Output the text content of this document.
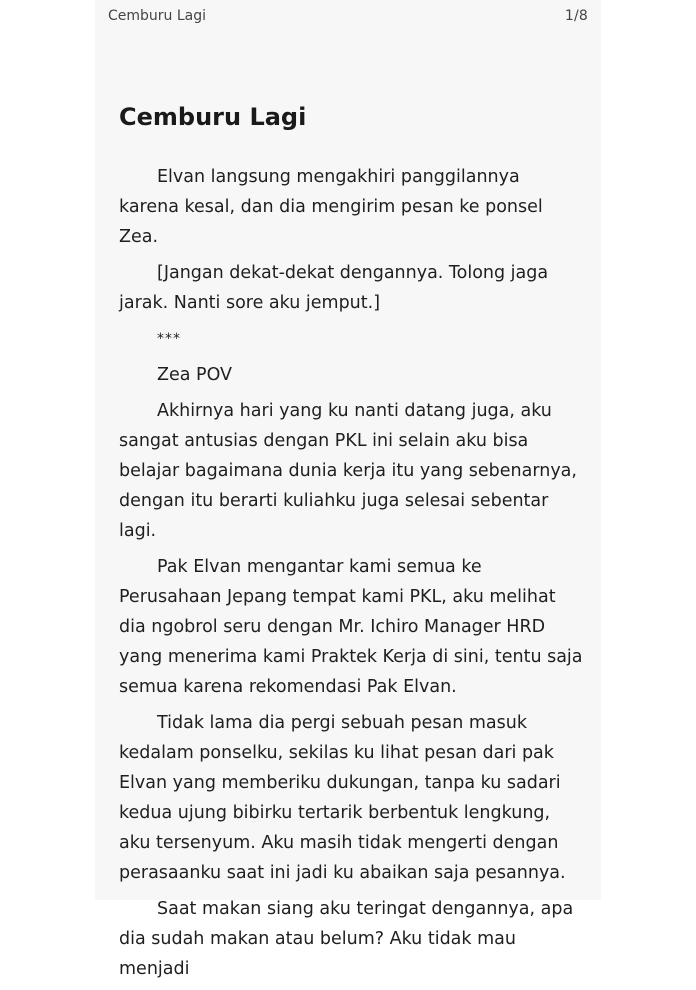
Cemburu Lagi	1/8
Cemburu Lagi

Elvan langsung mengakhiri panggilannya karena kesal, dan dia mengirim pesan ke ponsel Zea.

[Jangan dekat-dekat dengannya. Tolong jaga jarak. Nanti sore aku jemput.]

***

Zea POV

Akhirnya hari yang ku nanti datang juga, aku sangat antusias dengan PKL ini selain aku bisa belajar bagaimana dunia kerja itu yang sebenarnya, dengan itu berarti kuliahku juga selesai sebentar lagi.

Pak Elvan mengantar kami semua ke Perusahaan Jepang tempat kami PKL, aku melihat dia ngobrol seru dengan Mr. Ichiro Manager HRD yang menerima kami Praktek Kerja di sini, tentu saja semua karena rekomendasi Pak Elvan.

Tidak lama dia pergi sebuah pesan masuk kedalam ponselku, sekilas ku lihat pesan dari pak Elvan yang memberiku dukungan, tanpa ku sadari kedua ujung bibirku tertarik berbentuk lengkung, aku tersenyum. Aku masih tidak mengerti dengan perasaanku saat ini jadi ku abaikan saja pesannya.

Saat makan siang aku teringat dengannya, apa dia sudah makan atau belum? Aku tidak mau menjadi
